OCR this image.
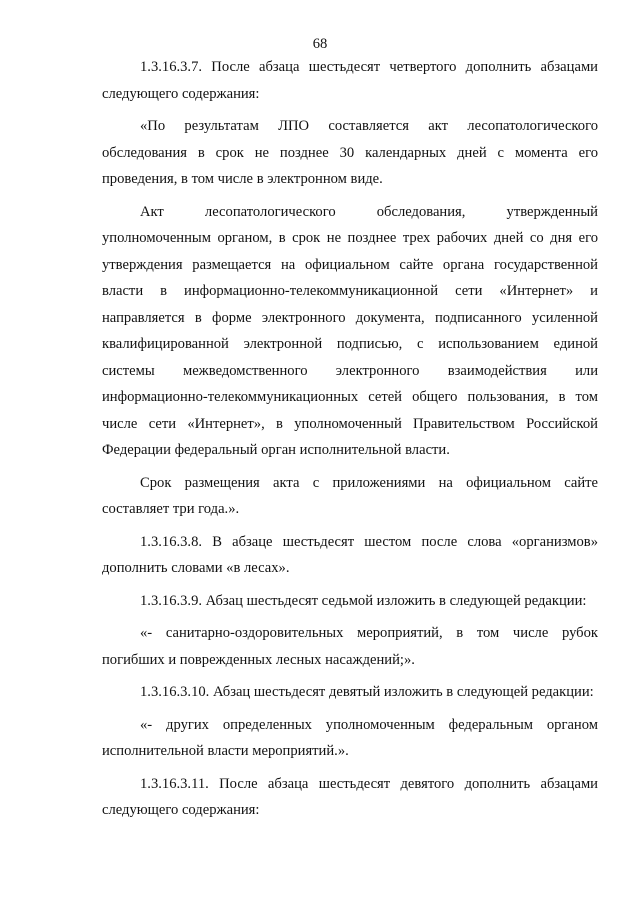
68

1.3.16.3.7. После абзаца шестьдесят четвертого дополнить абзацами следующего содержания:

«По результатам ЛПО составляется акт лесопатологического обследования в срок не позднее 30 календарных дней с момента его проведения, в том числе в электронном виде.

Акт лесопатологического обследования, утвержденный уполномоченным органом, в срок не позднее трех рабочих дней со дня его утверждения размещается на официальном сайте органа государственной власти в информационно-телекоммуникационной сети «Интернет» и направляется в форме электронного документа, подписанного усиленной квалифицированной электронной подписью, с использованием единой системы межведомственного электронного взаимодействия или информационно-телекоммуникационных сетей общего пользования, в том числе сети «Интернет», в уполномоченный Правительством Российской Федерации федеральный орган исполнительной власти.

Срок размещения акта с приложениями на официальном сайте составляет три года.».

1.3.16.3.8. В абзаце шестьдесят шестом после слова «организмов» дополнить словами «в лесах».

1.3.16.3.9. Абзац шестьдесят седьмой изложить в следующей редакции:

«- санитарно-оздоровительных мероприятий, в том числе рубок погибших и поврежденных лесных насаждений;».

1.3.16.3.10. Абзац шестьдесят девятый изложить в следующей редакции:

«- других определенных уполномоченным федеральным органом исполнительной власти мероприятий.».

1.3.16.3.11. После абзаца шестьдесят девятого дополнить абзацами следующего содержания:
